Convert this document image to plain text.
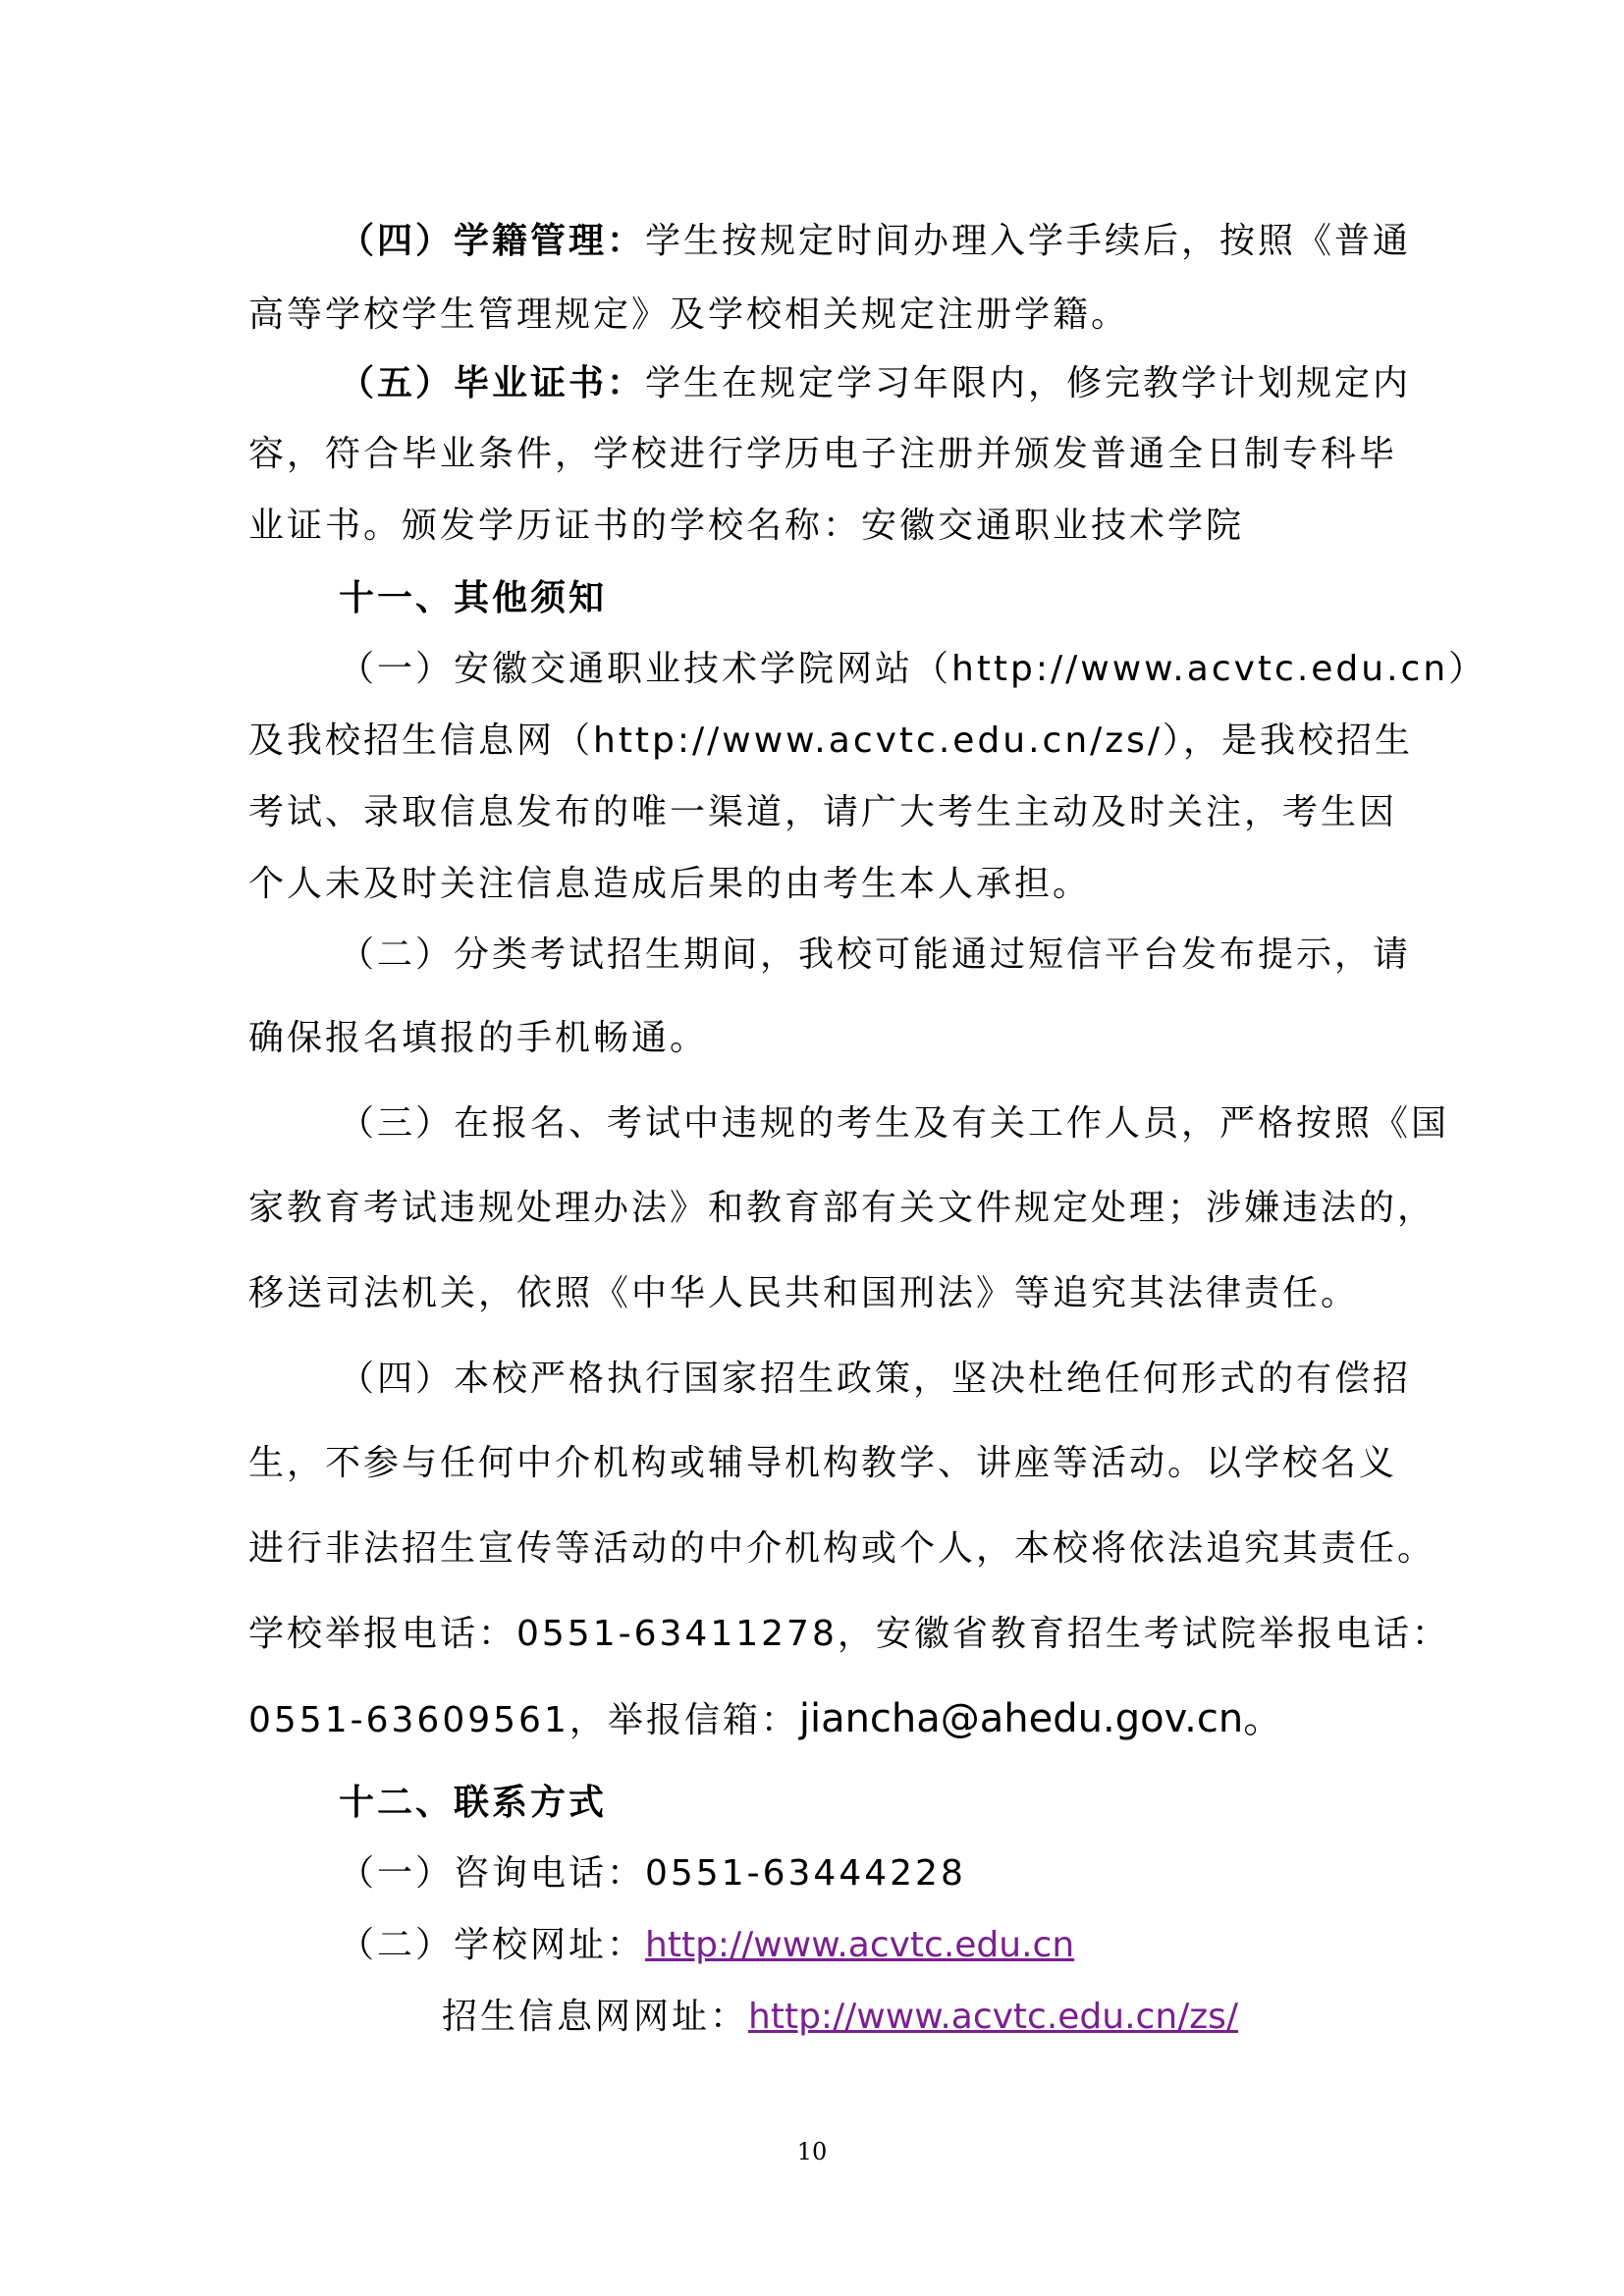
（四）学籍管理：学生按规定时间办理入学手续后，按照《普通
高等学校学生管理规定》及学校相关规定注册学籍。
（五）毕业证书：学生在规定学习年限内，修完教学计划规定内
容，符合毕业条件，学校进行学历电子注册并颁发普通全日制专科毕
业证书。颁发学历证书的学校名称：安徽交通职业技术学院
十一、其他须知
（一）安徽交通职业技术学院网站（http://www.acvtc.edu.cn）
及我校招生信息网（http://www.acvtc.edu.cn/zs/），是我校招生
考试、录取信息发布的唯一渠道，请广大考生主动及时关注，考生因
个人未及时关注信息造成后果的由考生本人承担。
（二）分类考试招生期间，我校可能通过短信平台发布提示，请
确保报名填报的手机畅通。
（三）在报名、考试中违规的考生及有关工作人员，严格按照《国
家教育考试违规处理办法》和教育部有关文件规定处理；涉嫌违法的，
移送司法机关，依照《中华人民共和国刑法》等追究其法律责任。
（四）本校严格执行国家招生政策，坚决杜绝任何形式的有偿招
生，不参与任何中介机构或辅导机构教学、讲座等活动。以学校名义
进行非法招生宣传等活动的中介机构或个人，本校将依法追究其责任。
学校举报电话：0551-63411278，安徽省教育招生考试院举报电话：
0551-63609561，举报信箱：jiancha@ahedu.gov.cn。
十二、联系方式
（一）咨询电话：0551-63444228
（二）学校网址：http://www.acvtc.edu.cn
招生信息网网址：http://www.acvtc.edu.cn/zs/
10
